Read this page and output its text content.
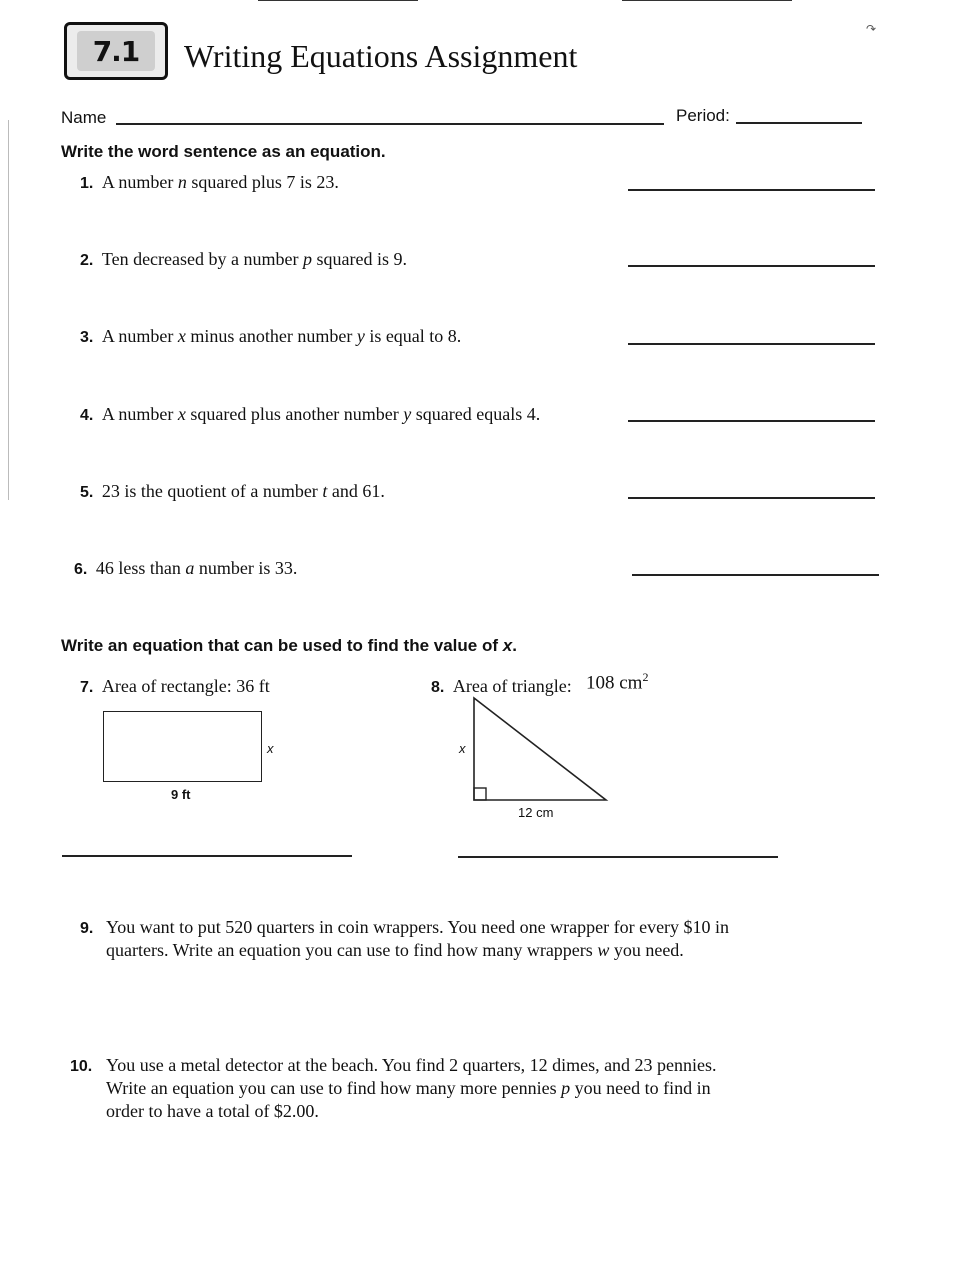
7.1	Writing Equations Assignment
Name	Period:
Write the word sentence as an equation.
1. A number n squared plus 7 is 23.
2. Ten decreased by a number p squared is 9.
3. A number x minus another number y is equal to 8.
4. A number x squared plus another number y squared equals 4.
5. 23 is the quotient of a number t and 61.
6. 46 less than a number is 33.
Write an equation that can be used to find the value of x.
7. Area of rectangle: 36 ft
x
9 ft
8. Area of triangle: 108 $cm^2$
x
12 cm
9. You want to put 520 quarters in coin wrappers. You need one wrapper for every $10 in
quarters. Write an equation you can use to find how many wrappers w you need.
10. You use a metal detector at the beach. You find 2 quarters, 12 dimes, and 23 pennies.
Write an equation you can use to find how many more pennies p you need to find in
order to have a total of $2.00.
↷
